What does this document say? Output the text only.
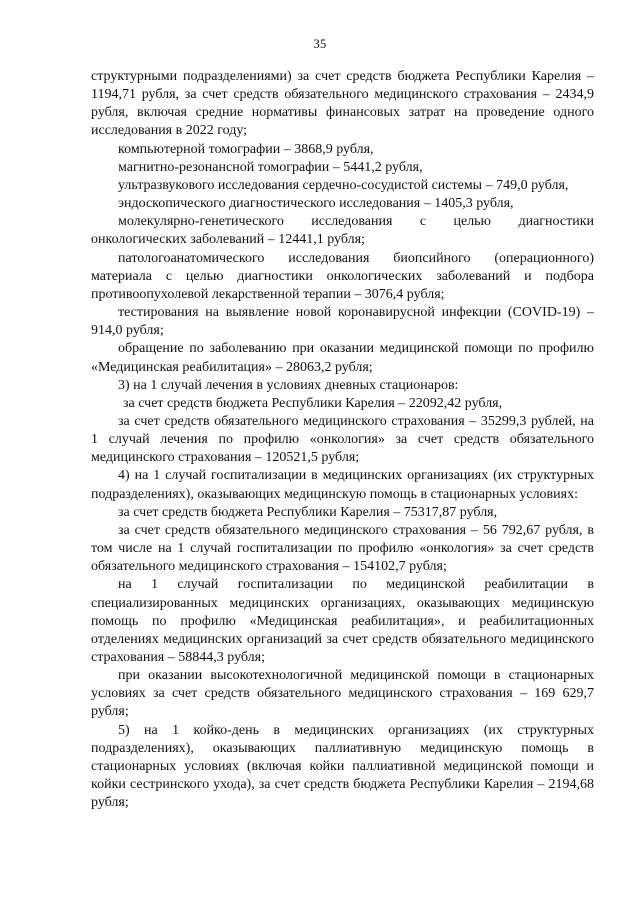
35

структурными подразделениями) за счет средств бюджета Республики Карелия – 1194,71 рубля, за счет средств обязательного медицинского страхования – 2434,9 рубля, включая средние нормативы финансовых затрат на проведение одного исследования в 2022 году;

компьютерной томографии – 3868,9 рубля,

магнитно-резонансной томографии – 5441,2 рубля,

ультразвукового исследования сердечно-сосудистой системы – 749,0 рубля,

эндоскопического диагностического исследования – 1405,3 рубля,

молекулярно-генетического исследования с целью диагностики онкологических заболеваний – 12441,1 рубля;

патологоанатомического исследования биопсийного (операционного) материала с целью диагностики онкологических заболеваний и подбора противоопухолевой лекарственной терапии – 3076,4 рубля;

тестирования на выявление новой коронавирусной инфекции (COVID-19) – 914,0 рубля;

обращение по заболеванию при оказании медицинской помощи по профилю «Медицинская реабилитация» – 28063,2 рубля;

3) на 1 случай лечения в условиях дневных стационаров:

за счет средств бюджета Республики Карелия – 22092,42 рубля,

за счет средств обязательного медицинского страхования – 35299,3 рублей, на 1 случай лечения по профилю «онкология» за счет средств обязательного медицинского страхования – 120521,5 рубля;

4) на 1 случай госпитализации в медицинских организациях (их структурных подразделениях), оказывающих медицинскую помощь в стационарных условиях:

за счет средств бюджета Республики Карелия – 75317,87 рубля,

за счет средств обязательного медицинского страхования – 56 792,67 рубля, в том числе на 1 случай госпитализации по профилю «онкология» за счет средств обязательного медицинского страхования – 154102,7 рубля;

на 1 случай госпитализации по медицинской реабилитации в специализированных медицинских организациях, оказывающих медицинскую помощь по профилю «Медицинская реабилитация», и реабилитационных отделениях медицинских организаций за счет средств обязательного медицинского страхования – 58844,3 рубля;

при оказании высокотехнологичной медицинской помощи в стационарных условиях за счет средств обязательного медицинского страхования – 169 629,7 рубля;

5) на 1 койко-день в медицинских организациях (их структурных подразделениях), оказывающих паллиативную медицинскую помощь в стационарных условиях (включая койки паллиативной медицинской помощи и койки сестринского ухода), за счет средств бюджета Республики Карелия – 2194,68 рубля;
